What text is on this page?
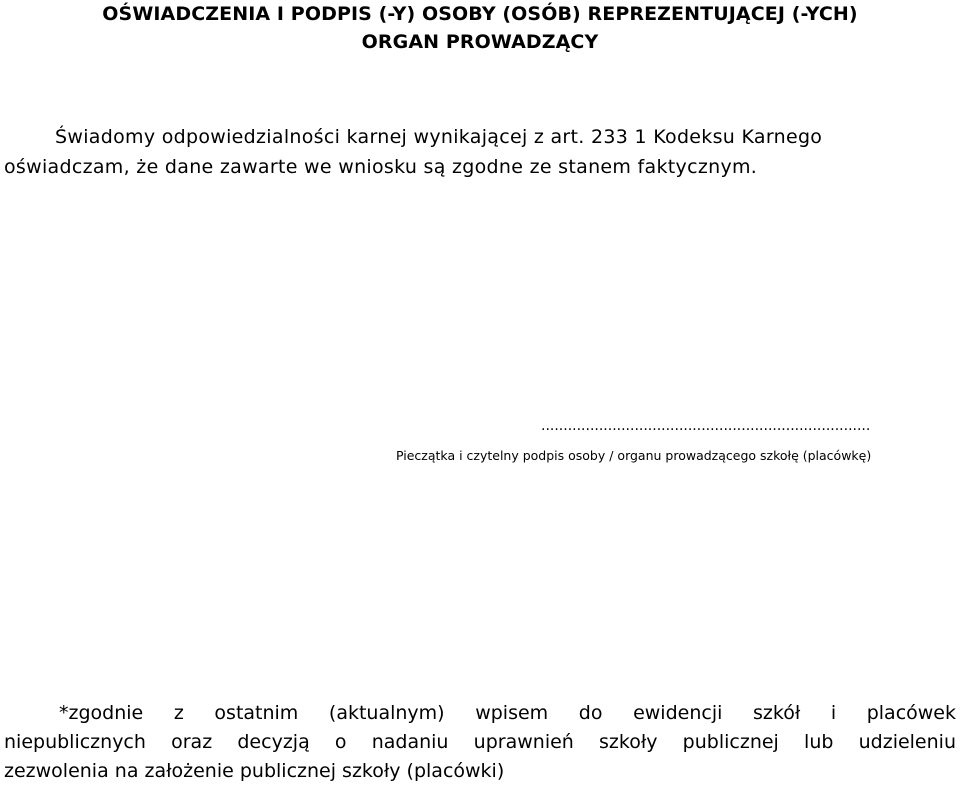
OŚWIADCZENIA I PODPIS (-Y) OSOBY (OSÓB) REPREZENTUJĄCEJ (-YCH)
ORGAN PROWADZĄCY
Świadomy odpowiedzialności karnej wynikającej z art. 233 1 Kodeksu Karnego
oświadczam, że dane zawarte we wniosku są zgodne ze stanem faktycznym.
..........................................................................
Pieczątka i czytelny podpis osoby / organu prowadzącego szkołę (placówkę)
*zgodnie z ostatnim (aktualnym) wpisem do ewidencji szkół i placówek
niepublicznych oraz decyzją o nadaniu uprawnień szkoły publicznej lub udzieleniu
zezwolenia na założenie publicznej szkoły (placówki)
